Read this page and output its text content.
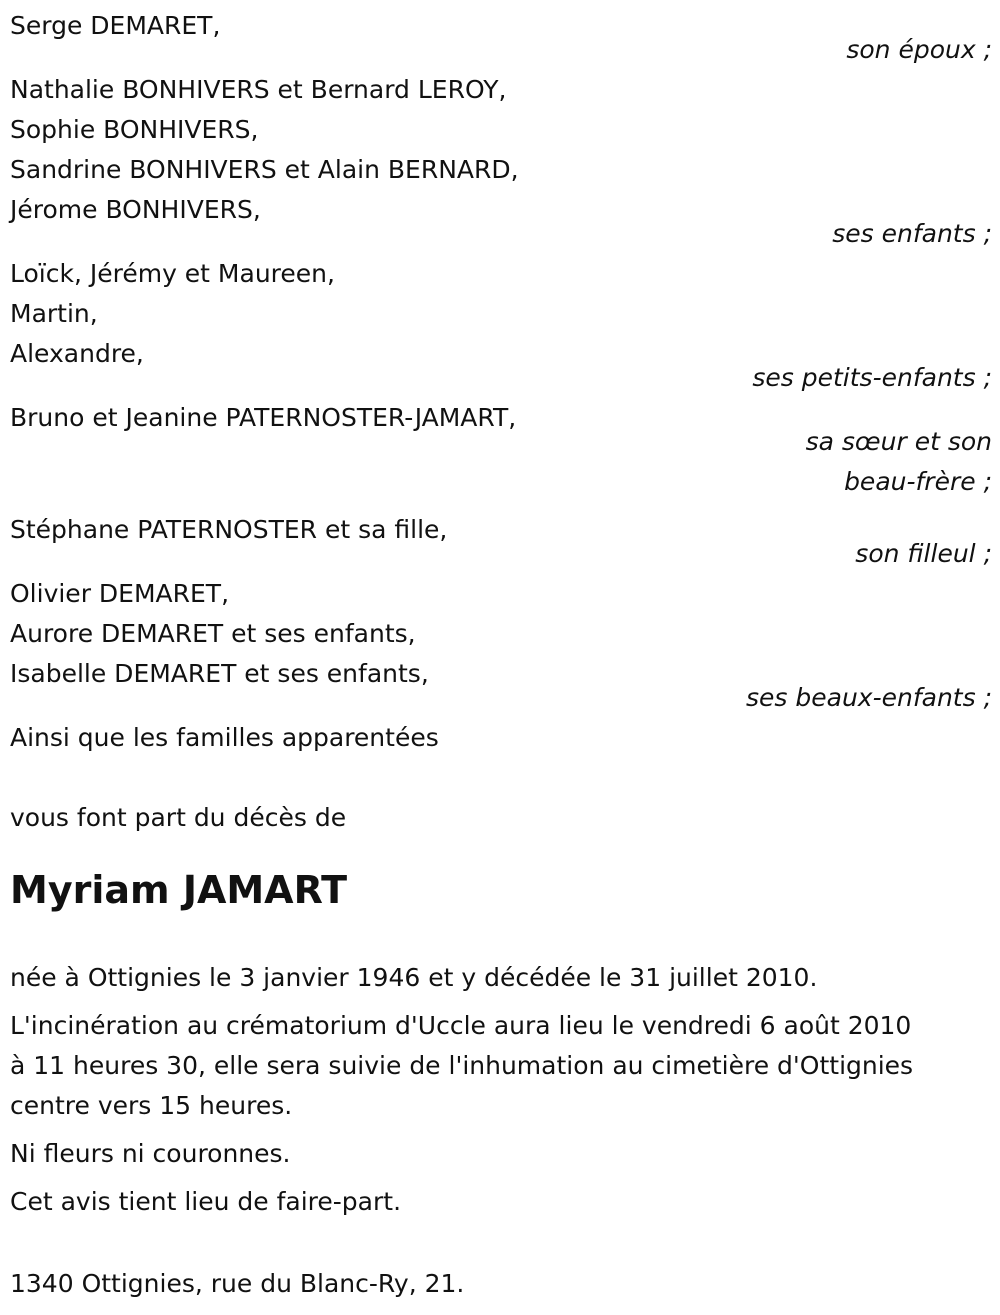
Serge DEMARET,
son époux ;
Nathalie BONHIVERS et Bernard LEROY,
Sophie BONHIVERS,
Sandrine BONHIVERS et Alain BERNARD,
Jérome BONHIVERS,
ses enfants ;
Loïck, Jérémy et Maureen,
Martin,
Alexandre,
ses petits-enfants ;
Bruno et Jeanine PATERNOSTER-JAMART,
sa sœur et son
beau-frère ;
Stéphane PATERNOSTER et sa fille,
son filleul ;
Olivier DEMARET,
Aurore DEMARET et ses enfants,
Isabelle DEMARET et ses enfants,
ses beaux-enfants ;
Ainsi que les familles apparentées
vous font part du décès de
Myriam JAMART
née à Ottignies le 3 janvier 1946 et y décédée le 31 juillet 2010.
L'incinération au crématorium d'Uccle aura lieu le vendredi 6 août 2010
à 11 heures 30, elle sera suivie de l'inhumation au cimetière d'Ottignies
centre vers 15 heures.
Ni fleurs ni couronnes.
Cet avis tient lieu de faire-part.
1340 Ottignies, rue du Blanc-Ry, 21.
